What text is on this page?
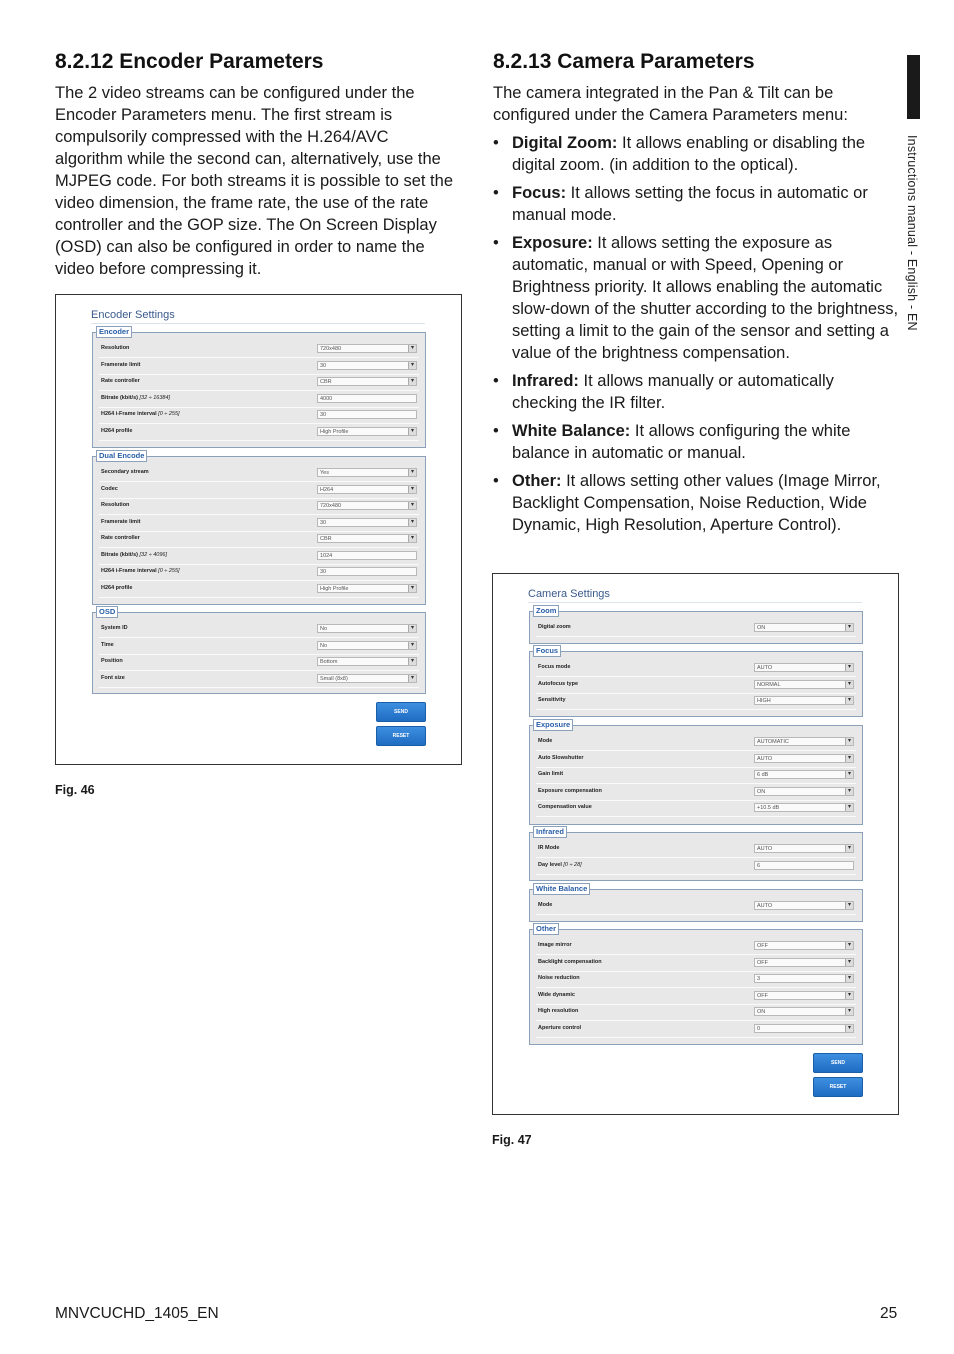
8.2.12 Encoder Parameters

The 2 video streams can be configured under the Encoder Parameters menu. The first stream is compulsorily compressed with the H.264/AVC algorithm while the second can, alternatively, use the MJPEG code. For both streams it is possible to set the video dimension, the frame rate, the use of the rate controller and the GOP size. The On Screen Display (OSD) can also be configured in order to name the video before compressing it.

Encoder Settings
Encoder
Resolution	720x480 ▾
Framerate limit	30 ▾
Rate controller	CBR ▾
Bitrate (kbit/s) [32 ÷ 16384]	4000
H264 i-Frame interval [0 ÷ 255]	30
H264 profile	High Profile ▾
Dual Encode
Secondary stream	Yes ▾
Codec	H264 ▾
Resolution	720x480 ▾
Framerate limit	30 ▾
Rate controller	CBR ▾
Bitrate (kbit/s) [32 ÷ 4096]	1024
H264 i-Frame interval [0 ÷ 255]	30
H264 profile	High Profile ▾
OSD
System ID	No ▾
Time	No ▾
Position	Bottom ▾
Font size	Small (8x8) ▾
SEND
RESET
Fig. 46
8.2.13 Camera Parameters

The camera integrated in the Pan & Tilt can be configured under the Camera Parameters menu:

• Digital Zoom: It allows enabling or disabling the digital zoom. (in addition to the optical).
• Focus: It allows setting the focus in automatic or manual mode.
• Exposure: It allows setting the exposure as automatic, manual or with Speed, Opening or Brightness priority. It allows enabling the automatic slow-down of the shutter according to the brightness, setting a limit to the gain of the sensor and setting a value of the brightness compensation.
• Infrared: It allows manually or automatically checking the IR filter.
• White Balance: It allows configuring the white balance in automatic or manual.
• Other: It allows setting other values (Image Mirror, Backlight Compensation, Noise Reduction, Wide Dynamic, High Resolution, Aperture Control).
Camera Settings
Zoom
Digital zoom	ON ▾
Focus
Focus mode	AUTO ▾
Autofocus type	NORMAL ▾
Sensitivity	HIGH ▾
Exposure
Mode	AUTOMATIC ▾
Auto Slowshutter	AUTO ▾
Gain limit	6 dB ▾
Exposure compensation	ON ▾
Compensation value	+10.5 dB ▾
Infrared
IR Mode	AUTO ▾
Day level [0 ÷ 28]	6
White Balance
Mode	AUTO ▾
Other
Image mirror	OFF ▾
Backlight compensation	OFF ▾
Noise reduction	3 ▾
Wide dynamic	OFF ▾
High resolution	ON ▾
Aperture control	0 ▾
SEND
RESET
Fig. 47
Instructions manual - English - EN
MNVCUCHD_1405_EN	25
